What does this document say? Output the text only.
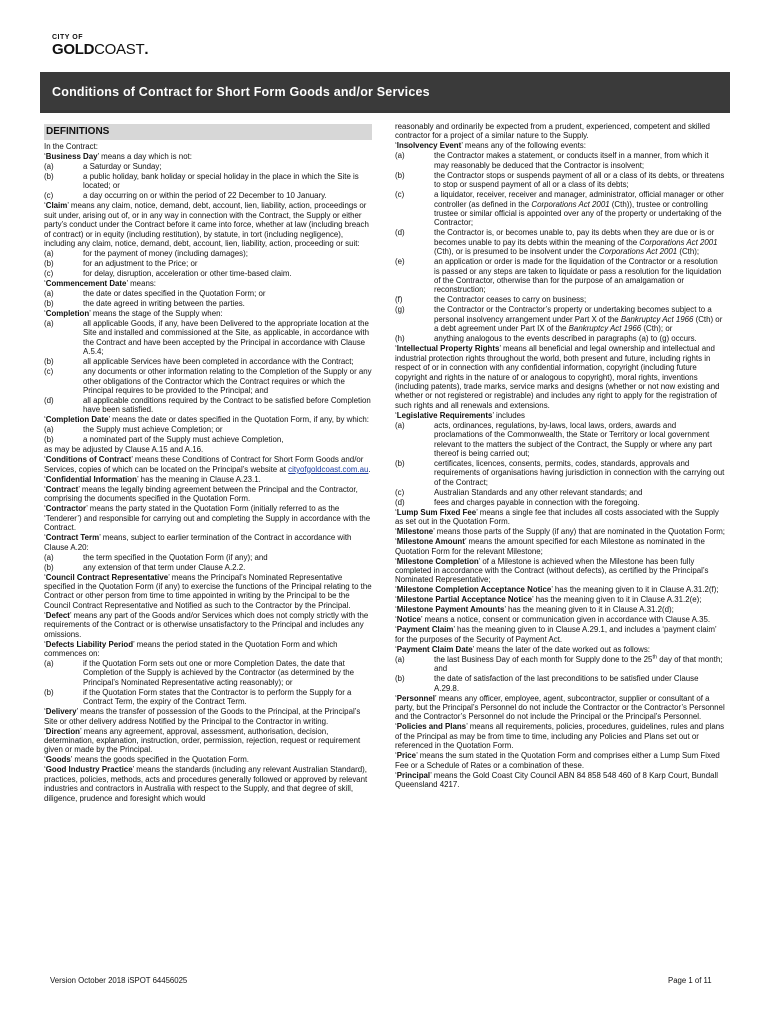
CITY OF
GOLDCOAST.
Conditions of Contract for Short Form Goods and/or Services
DEFINITIONS
In the Contract:
‘Business Day’ means a day which is not:
(a)	a Saturday or Sunday;
(b)	a public holiday, bank holiday or special holiday in the place in which the Site is located; or
(c)	a day occurring on or within the period of 22 December to 10 January.
‘Claim’ means any claim, notice, demand, debt, account, lien, liability, action, proceedings or suit under, arising out of, or in any way in connection with the Contract, the Supply or either party’s conduct under the Contract before it came into force, whether at law (including breach of contract) or in equity (including restitution), by statute, in tort (including negligence), including any claim, notice, demand, debt, account, lien, liability, action, proceeding or suit:
(a)	for the payment of money (including damages);
(b)	for an adjustment to the Price; or
(c)	for delay, disruption, acceleration or other time-based claim.
‘Commencement Date’ means:
(a)	the date or dates specified in the Quotation Form; or
(b)	the date agreed in writing between the parties.
‘Completion’ means the stage of the Supply when:
(a)	all applicable Goods, if any, have been Delivered to the appropriate location at the Site and installed and commissioned at the Site, as applicable, in accordance with the Contract and have been accepted by the Principal in accordance with Clause A.5.4;
(b)	all applicable Services have been completed in accordance with the Contract;
(c)	any documents or other information relating to the Completion of the Supply or any other obligations of the Contractor which the Contract requires or which the Principal requires to be provided to the Principal; and
(d)	all applicable conditions required by the Contract to be satisfied before Completion have been satisfied.
‘Completion Date’ means the date or dates specified in the Quotation Form, if any, by which:
(a)	the Supply must achieve Completion; or
(b)	a nominated part of the Supply must achieve Completion,
as may be adjusted by Clause A.15 and A.16.
‘Conditions of Contract’ means these Conditions of Contract for Short Form Goods and/or Services, copies of which can be located on the Principal’s website at cityofgoldcoast.com.au.
‘Confidential Information’ has the meaning in Clause A.23.1.
‘Contract’ means the legally binding agreement between the Principal and the Contractor, comprising the documents specified in the Quotation Form.
‘Contractor’ means the party stated in the Quotation Form (initially referred to as the ‘Tenderer’) and responsible for carrying out and completing the Supply in accordance with the Contract.
‘Contract Term’ means, subject to earlier termination of the Contract in accordance with Clause A.20:
(a)	the term specified in the Quotation Form (if any); and
(b)	any extension of that term under Clause A.2.2.
‘Council Contract Representative’ means the Principal’s Nominated Representative specified in the Quotation Form (if any) to exercise the functions of the Principal relating to the Contract or other person from time to time appointed in writing by the Principal to be the Council Contract Representative and Notified as such to the Contractor by the Principal.
‘Defect’ means any part of the Goods and/or Services which does not comply strictly with the requirements of the Contract or is otherwise unsatisfactory to the Principal and includes any omissions.
‘Defects Liability Period’ means the period stated in the Quotation Form and which commences on:
(a)	if the Quotation Form sets out one or more Completion Dates, the date that Completion of the Supply is achieved by the Contractor (as determined by the Principal’s Nominated Representative acting reasonably); or
(b)	if the Quotation Form states that the Contractor is to perform the Supply for a Contract Term, the expiry of the Contract Term.
‘Delivery’ means the transfer of possession of the Goods to the Principal, at the Principal’s Site or other delivery address Notified by the Principal to the Contractor in writing.
‘Direction’ means any agreement, approval, assessment, authorisation, decision, determination, explanation, instruction, order, permission, rejection, request or requirement given or made by the Principal.
‘Goods’ means the goods specified in the Quotation Form.
‘Good Industry Practice’ means the standards (including any relevant Australian Standard), practices, policies, methods, acts and procedures generally followed or approved by relevant industries and contractors in Australia with respect to the Supply, and that degree of skill, diligence, prudence and foresight which would
reasonably and ordinarily be expected from a prudent, experienced, competent and skilled contractor for a project of a similar nature to the Supply.
‘Insolvency Event’ means any of the following events:
(a)	the Contractor makes a statement, or conducts itself in a manner, from which it may reasonably be deduced that the Contractor is insolvent;
(b)	the Contractor stops or suspends payment of all or a class of its debts, or threatens to stop or suspend payment of all or a class of its debts;
(c)	a liquidator, receiver, receiver and manager, administrator, official manager or other controller (as defined in the Corporations Act 2001 (Cth)), trustee or controlling trustee or similar official is appointed over any of the property or undertaking of the Contractor;
(d)	the Contractor is, or becomes unable to, pay its debts when they are due or is or becomes unable to pay its debts within the meaning of the Corporations Act 2001 (Cth), or is presumed to be insolvent under the Corporations Act 2001 (Cth);
(e)	an application or order is made for the liquidation of the Contractor or a resolution is passed or any steps are taken to liquidate or pass a resolution for the liquidation of the Contractor, otherwise than for the purpose of an amalgamation or reconstruction;
(f)	the Contractor ceases to carry on business;
(g)	the Contractor or the Contractor’s property or undertaking becomes subject to a personal insolvency arrangement under Part X of the Bankruptcy Act 1966 (Cth) or a debt agreement under Part IX of the Bankruptcy Act 1966 (Cth); or
(h)	anything analogous to the events described in paragraphs (a) to (g) occurs.
‘Intellectual Property Rights’ means all beneficial and legal ownership and intellectual and industrial protection rights throughout the world, both present and future, including rights in respect of or in connection with any confidential information, copyright (including future copyright and rights in the nature of or analogous to copyright), moral rights, inventions (including patents), trade marks, service marks and designs (whether or not now existing and whether or not registered or registrable) and includes any right to apply for the registration of such rights and all renewals and extensions.
‘Legislative Requirements’ includes
(a)	acts, ordinances, regulations, by-laws, local laws, orders, awards and proclamations of the Commonwealth, the State or Territory or local government relevant to the matters the subject of the Contract, the Supply or where any part thereof is being carried out;
(b)	certificates, licences, consents, permits, codes, standards, approvals and requirements of organisations having jurisdiction in connection with the carrying out of the Contract;
(c)	Australian Standards and any other relevant standards; and
(d)	fees and charges payable in connection with the foregoing.
‘Lump Sum Fixed Fee’ means a single fee that includes all costs associated with the Supply as set out in the Quotation Form.
‘Milestone’ means those parts of the Supply (if any) that are nominated in the Quotation Form;
‘Milestone Amount’ means the amount specified for each Milestone as nominated in the Quotation Form for the relevant Milestone;
‘Milestone Completion’ of a Milestone is achieved when the Milestone has been fully completed in accordance with the Contract (without defects), as certified by the Principal’s Nominated Representative;
‘Milestone Completion Acceptance Notice’ has the meaning given to it in Clause A.31.2(f);
‘Milestone Partial Acceptance Notice’ has the meaning given to it in Clause A.31.2(e);
‘Milestone Payment Amounts’ has the meaning given to it in Clause A.31.2(d);
‘Notice’ means a notice, consent or communication given in accordance with Clause A.35.
‘Payment Claim’ has the meaning given to in Clause A.29.1, and includes a ‘payment claim’ for the purposes of the Security of Payment Act.
‘Payment Claim Date’ means the later of the date worked out as follows:
(a)	the last Business Day of each month for Supply done to the 25th day of that month; and
(b)	the date of satisfaction of the last preconditions to be satisfied under Clause A.29.8.
‘Personnel’ means any officer, employee, agent, subcontractor, supplier or consultant of a party, but the Principal’s Personnel do not include the Contractor or the Contractor’s Personnel and the Contractor’s Personnel do not include the Principal or the Principal’s Personnel.
‘Policies and Plans’ means all requirements, policies, procedures, guidelines, rules and plans of the Principal as may be from time to time, including any Policies and Plans set out or referenced in the Quotation Form.
‘Price’ means the sum stated in the Quotation Form and comprises either a Lump Sum Fixed Fee or a Schedule of Rates or a combination of these.
‘Principal’ means the Gold Coast City Council ABN 84 858 548 460 of 8 Karp Court, Bundall Queensland 4217.
Version October 2018 iSPOT 64456025	Page 1 of 11
